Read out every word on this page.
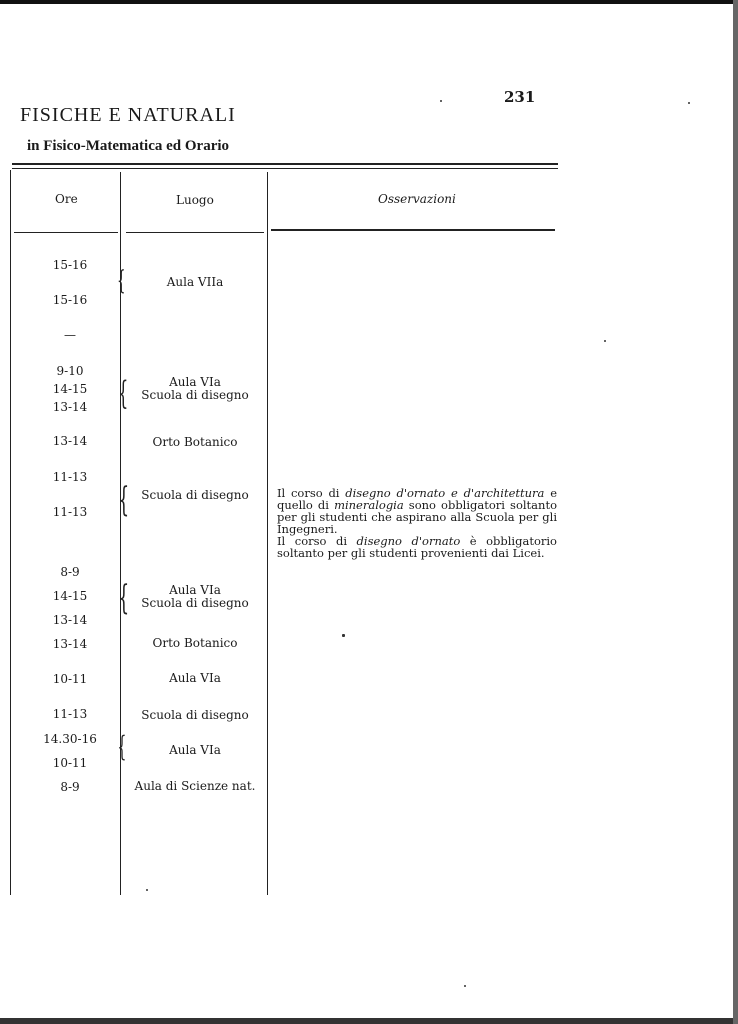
231
FISICHE E NATURALI
in Fisico-Matematica ed Orario
Ore	Luogo	Osservazioni
15-16
15-16
—
9-10
14-15
13-14
13-14
11-13
11-13
8-9
14-15
13-14
13-14
10-11
11-13
14.30-16
10-11
8-9
{
{
{
{
{
Aula VIIa
Aula VIa
Scuola di disegno
Orto Botanico
Scuola di disegno
Aula VIa
Scuola di disegno
Orto Botanico
Aula VIa
Scuola di disegno
Aula VIa
Aula di Scienze nat.

Il corso di disegno d'ornato e d'architettura e quello di mineralogia sono obbligatori soltanto per gli studenti che aspirano alla Scuola per gli Ingegneri.

Il corso di disegno d'ornato è obbligatorio soltanto per gli studenti provenienti dai Licei.
